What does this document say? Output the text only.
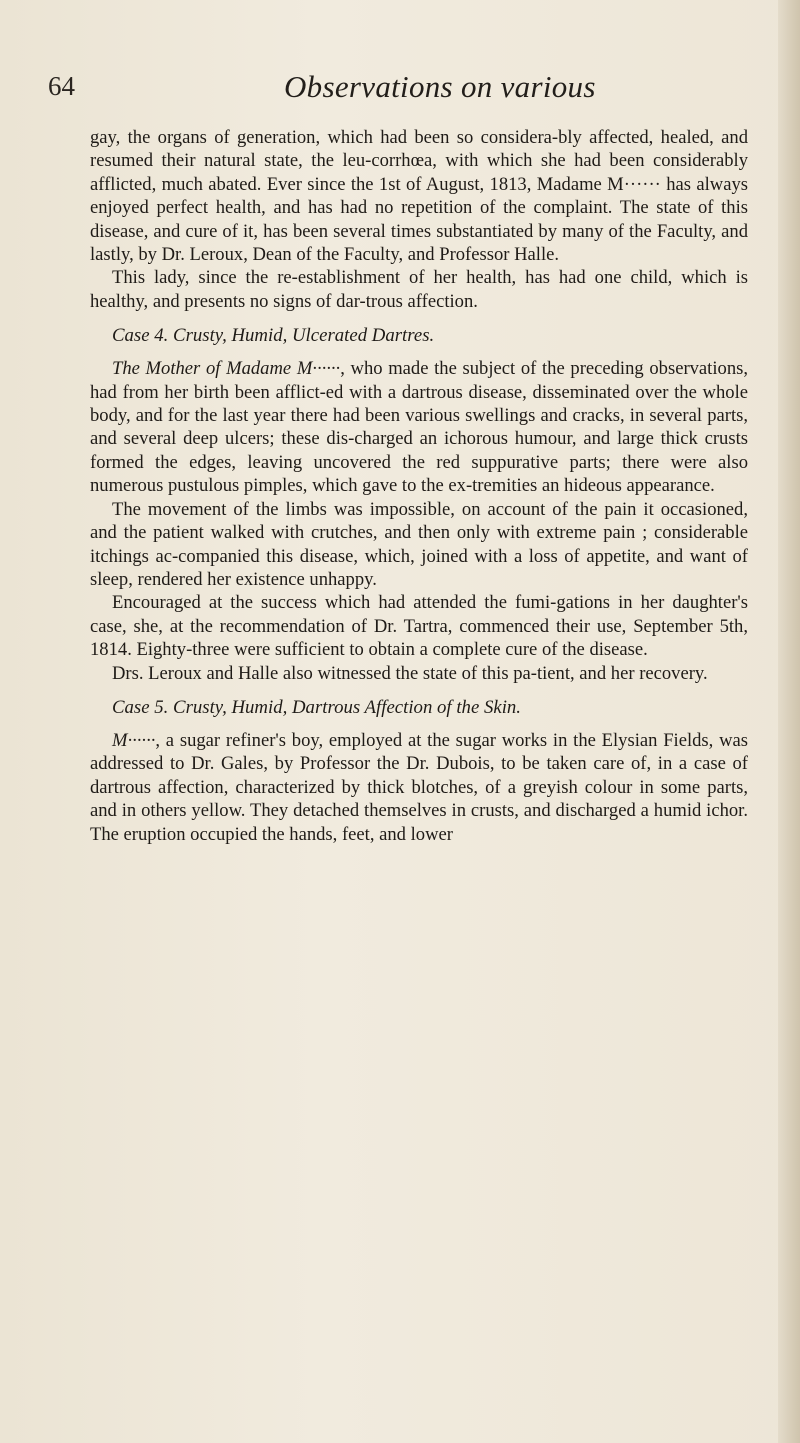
64	Observations on various

gay, the organs of generation, which had been so considera-bly affected, healed, and resumed their natural state, the leu-corrhœa, with which she had been considerably afflicted, much abated. Ever since the 1st of August, 1813, Madame M······ has always enjoyed perfect health, and has had no repetition of the complaint. The state of this disease, and cure of it, has been several times substantiated by many of the Faculty, and lastly, by Dr. Leroux, Dean of the Faculty, and Professor Halle.

This lady, since the re-establishment of her health, has had one child, which is healthy, and presents no signs of dar-trous affection.

Case 4. Crusty, Humid, Ulcerated Dartres.

The Mother of Madame M······, who made the subject of the preceding observations, had from her birth been afflict-ed with a dartrous disease, disseminated over the whole body, and for the last year there had been various swellings and cracks, in several parts, and several deep ulcers; these dis-charged an ichorous humour, and large thick crusts formed the edges, leaving uncovered the red suppurative parts; there were also numerous pustulous pimples, which gave to the ex-tremities an hideous appearance.

The movement of the limbs was impossible, on account of the pain it occasioned, and the patient walked with crutches, and then only with extreme pain ; considerable itchings ac-companied this disease, which, joined with a loss of appetite, and want of sleep, rendered her existence unhappy.

Encouraged at the success which had attended the fumi-gations in her daughter's case, she, at the recommendation of Dr. Tartra, commenced their use, September 5th, 1814. Eighty-three were sufficient to obtain a complete cure of the disease.

Drs. Leroux and Halle also witnessed the state of this pa-tient, and her recovery.

Case 5. Crusty, Humid, Dartrous Affection of the Skin.

M······, a sugar refiner's boy, employed at the sugar works in the Elysian Fields, was addressed to Dr. Gales, by Professor the Dr. Dubois, to be taken care of, in a case of dartrous affection, characterized by thick blotches, of a greyish colour in some parts, and in others yellow. They detached themselves in crusts, and discharged a humid ichor. The eruption occupied the hands, feet, and lower
